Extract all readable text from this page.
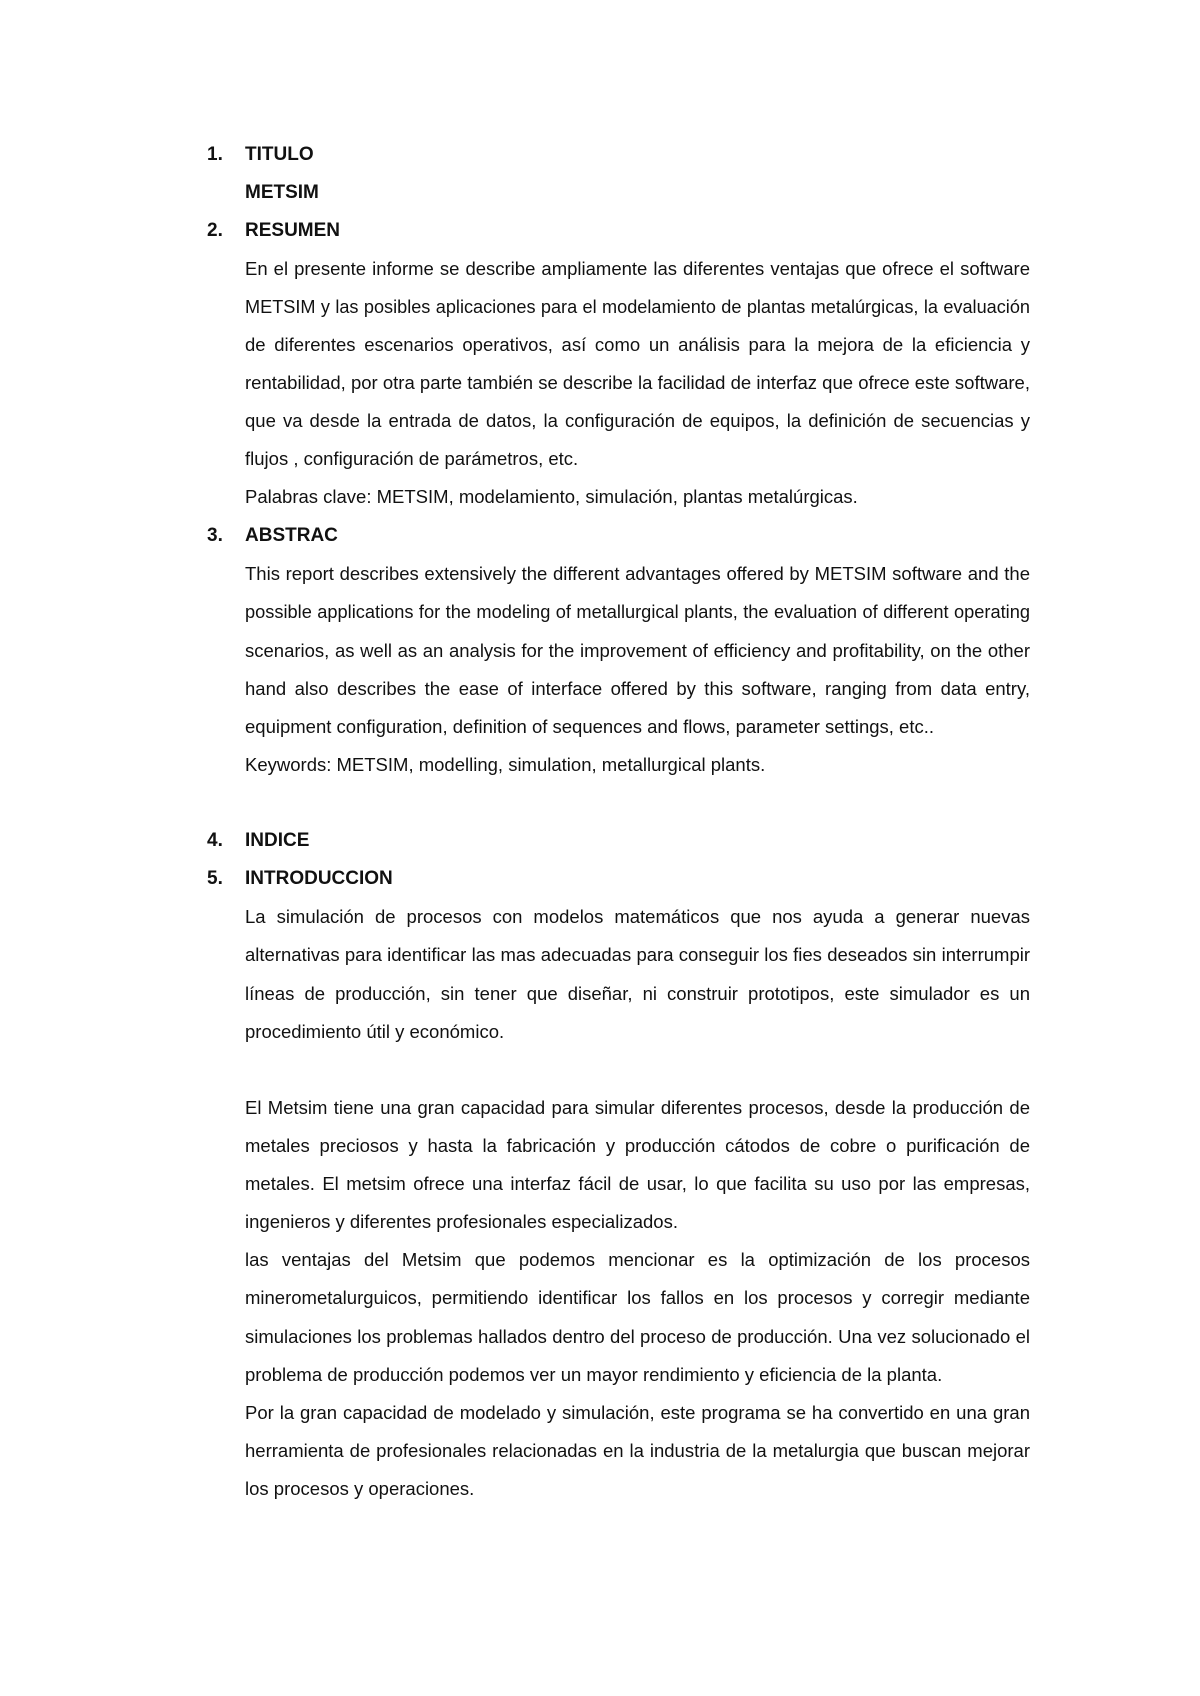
1. TITULO
METSIM
2. RESUMEN
En el presente informe se describe ampliamente las diferentes ventajas que ofrece el software
METSIM y las posibles aplicaciones para el modelamiento de plantas metalúrgicas, la evaluación
de diferentes escenarios operativos, así como un análisis para la mejora de la eficiencia y
rentabilidad, por otra parte también se describe la facilidad de interfaz que ofrece este software,
que va desde la entrada de datos, la configuración de equipos, la definición de secuencias y
flujos , configuración de parámetros, etc.
Palabras clave: METSIM, modelamiento, simulación, plantas metalúrgicas.
3. ABSTRAC
This report describes extensively the different advantages offered by METSIM software and the
possible applications for the modeling of metallurgical plants, the evaluation of different operating
scenarios, as well as an analysis for the improvement of efficiency and profitability, on the other
hand also describes the ease of interface offered by this software, ranging from data entry,
equipment configuration, definition of sequences and flows, parameter settings, etc..
Keywords: METSIM, modelling, simulation, metallurgical plants.
4. INDICE
5. INTRODUCCION
La simulación de procesos con modelos matemáticos que nos ayuda a generar nuevas
alternativas para identificar las mas adecuadas para conseguir los fies deseados sin interrumpir
líneas de producción, sin tener que diseñar, ni construir prototipos, este simulador es un
procedimiento útil y económico.
El Metsim tiene una gran capacidad para simular diferentes procesos, desde la producción de
metales preciosos y hasta la fabricación y producción cátodos de cobre o purificación de
metales. El metsim ofrece una interfaz fácil de usar, lo que facilita su uso por las empresas,
ingenieros y diferentes profesionales especializados.
las ventajas del Metsim que podemos mencionar es la optimización de los procesos
minerometalurguicos, permitiendo identificar los fallos en los procesos y corregir mediante
simulaciones los problemas hallados dentro del proceso de producción. Una vez solucionado el
problema de producción podemos ver un mayor rendimiento y eficiencia de la planta.
Por la gran capacidad de modelado y simulación, este programa se ha convertido en una gran
herramienta de profesionales relacionadas en la industria de la metalurgia que buscan mejorar
los procesos y operaciones.
